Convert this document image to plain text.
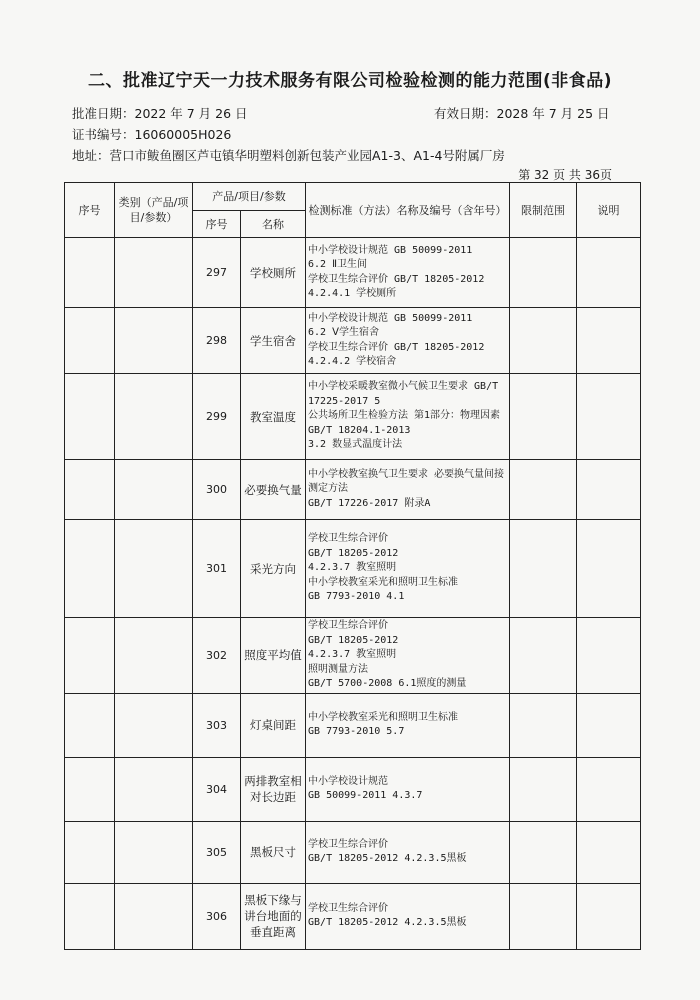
二、批准辽宁天一力技术服务有限公司检验检测的能力范围(非食品)
批准日期：2022 年 7 月 26 日	有效日期：2028 年 7 月 25 日
证书编号：16060005H026
地址：营口市鲅鱼圈区芦屯镇华明塑料创新包装产业园A1-3、A1-4号附属厂房
第 32 页 共 36页
序号	类别（产品/项目/参数）	产品/项目/参数		检测标准（方法）名称及编号（含年号）	限制范围	说明
		序号	名称			
		297	学校厕所	中小学校设计规范 GB 50099-2011
6.2 Ⅱ卫生间
学校卫生综合评价 GB/T 18205-2012
4.2.4.1 学校厕所		
		298	学生宿舍	中小学校设计规范 GB 50099-2011
6.2 Ⅴ学生宿舍
学校卫生综合评价 GB/T 18205-2012
4.2.4.2 学校宿舍		
		299	教室温度	中小学校采暖教室微小气候卫生要求 GB/T 17225-2017 5
公共场所卫生检验方法 第1部分：物理因素 GB/T 18204.1-2013
3.2 数显式温度计法		
		300	必要换气量	中小学校教室换气卫生要求 必要换气量间接测定方法
GB/T 17226-2017 附录A		
		301	采光方向	学校卫生综合评价
GB/T 18205-2012
4.2.3.7 教室照明
中小学校教室采光和照明卫生标准
GB 7793-2010 4.1		
		302	照度平均值	学校卫生综合评价
GB/T 18205-2012
4.2.3.7 教室照明
照明测量方法
GB/T 5700-2008 6.1照度的测量		
		303	灯桌间距	中小学校教室采光和照明卫生标准
GB 7793-2010 5.7		
		304	两排教室相对长边距	中小学校设计规范
GB 50099-2011 4.3.7		
		305	黑板尺寸	学校卫生综合评价
GB/T 18205-2012 4.2.3.5黑板		
		306	黑板下缘与讲台地面的垂直距离	学校卫生综合评价
GB/T 18205-2012 4.2.3.5黑板		
